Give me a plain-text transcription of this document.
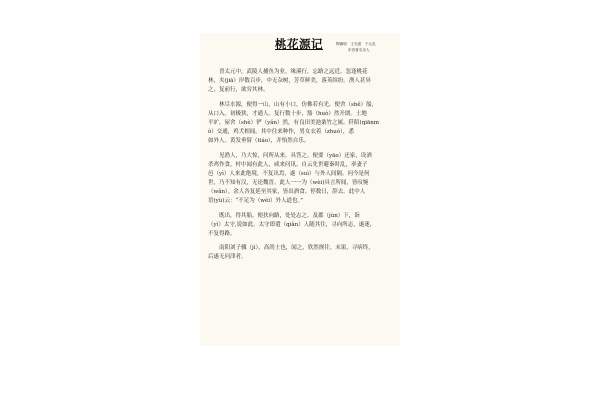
桃花源记	陶渊明　王光谱　于元兆
东晋著名诗人
　　晋太元中，武陵人捕鱼为业。缘溪行，忘路之远近。忽逢桃花
林，夹(jiā）岸数百步，中无杂树，芳草鲜美，落英缤纷。渔人甚异
之，复前行，欲穷其林。
　　林尽水源，便得一山，山有小口，仿佛若有光。便舍（shě）船，
从口入。初极狭，才通人。复行数十步，豁（huò）然开朗。土地
平旷，屋舍（shè）俨（yǎn）然，有良田美池桑竹之属。阡陌(qiānm
ò）交通，鸡犬相闻。其中往来种作，男女衣着（zhuó），悉
如外人。黄发垂髫（tiáo），并怡然自乐。
　　见渔人，乃大惊，问所从来。具答之。便要（yāo）还家，设酒
杀鸡作食。村中闻有此人，咸来问讯。自云先世避秦时乱，率妻子
邑（yì）人来此绝境，不复出焉，遂（suì）与外人间隔。问今是何
世，乃不知有汉，无论魏晋。此人一一为（wèi)具言所闻，皆叹惋
（wǎn）。余人各复延至其家，皆出酒食。停数日，辞去。此中人
语(yù)云：“不足为（wéi）外人道也。”
　　既出，得其船，便扶向路，处处志之。及郡（jùn）下，诣
（yì）太守,说如此。太守即遣（qiǎn）人随其往，寻向所志，遂迷，
不复得路。
　　南阳刘子骥（jì），高尚士也，闻之，欣然规往。未果，寻病终，
后遂无问津者。
